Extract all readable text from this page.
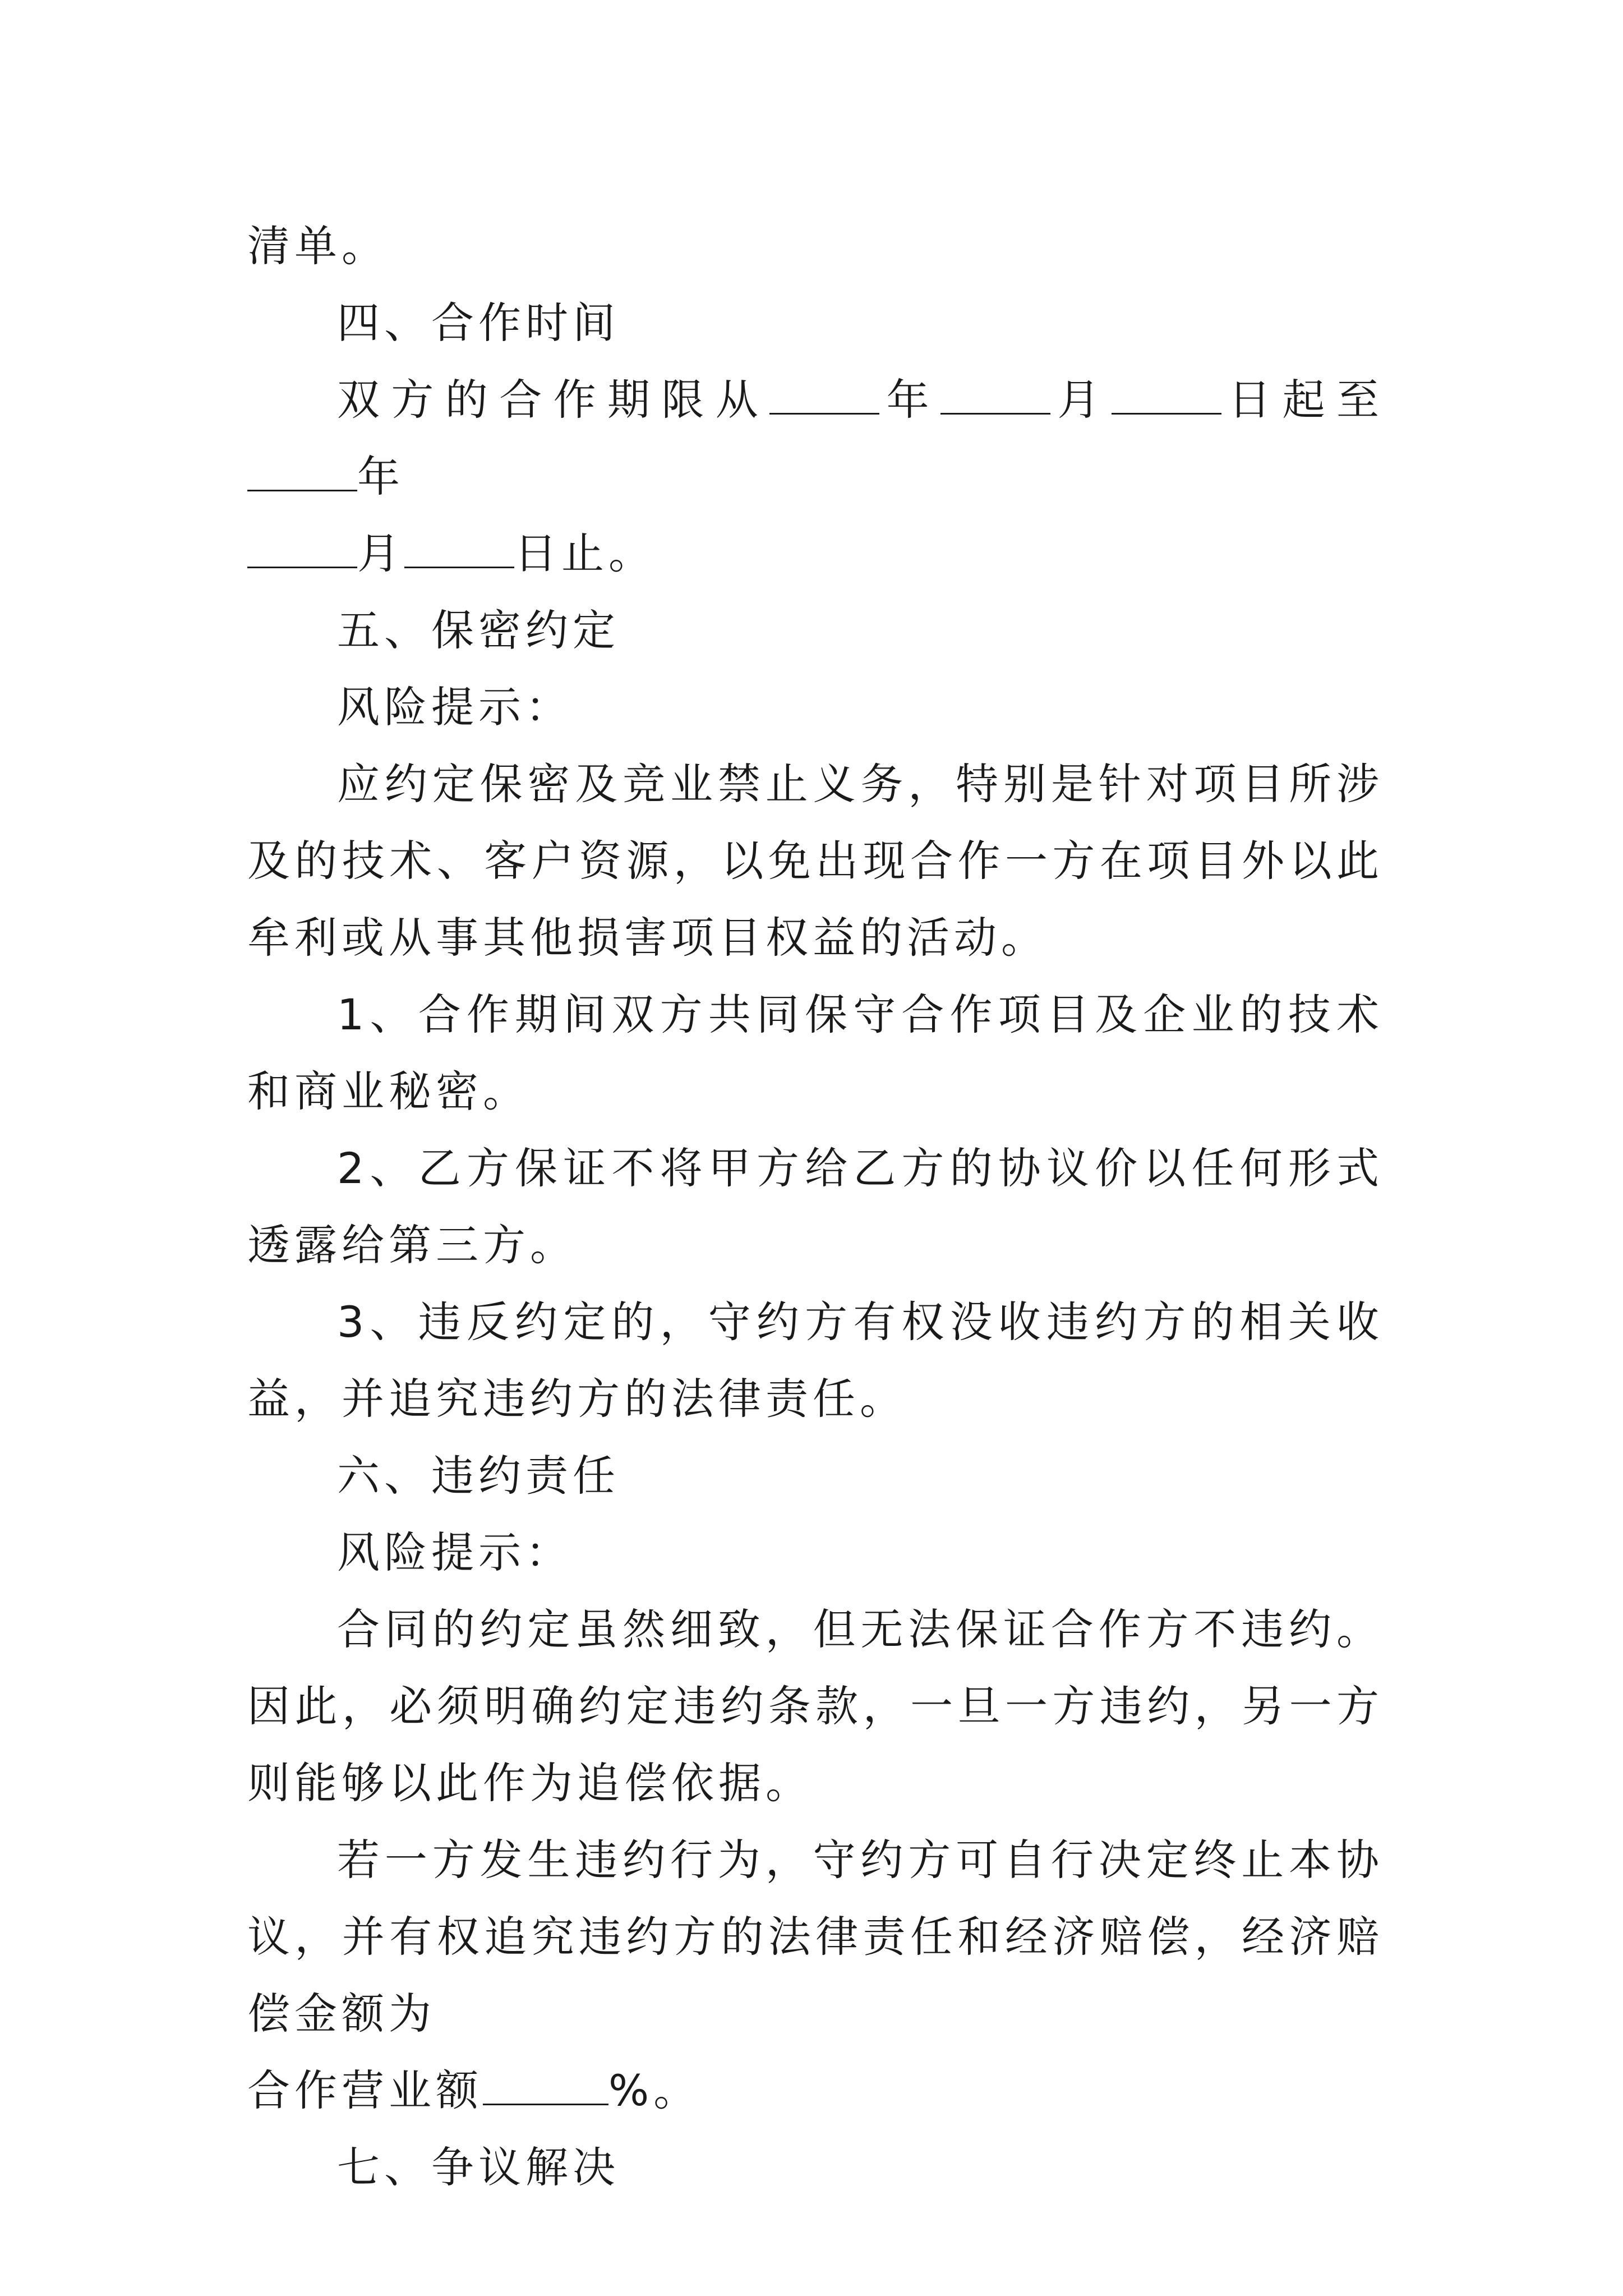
清单。

四、合作时间

双方的合作期限从	年	月	日起至年
月	日止。

五、保密约定

风险提示：

应约定保密及竞业禁止义务，特别是针对项目所涉及的技术、客户资源，以免出现合作一方在项目外以此牟利或从事其他损害项目权益的活动。

1、合作期间双方共同保守合作项目及企业的技术和商业秘密。

2、乙方保证不将甲方给乙方的协议价以任何形式透露给第三方。

3、违反约定的，守约方有权没收违约方的相关收益，并追究违约方的法律责任。

六、违约责任

风险提示：

合同的约定虽然细致，但无法保证合作方不违约。因此，必须明确约定违约条款，一旦一方违约，另一方则能够以此作为追偿依据。

若一方发生违约行为，守约方可自行决定终止本协议，并有权追究违约方的法律责任和经济赔偿，经济赔偿金额为

合作营业额	%。

七、争议解决
